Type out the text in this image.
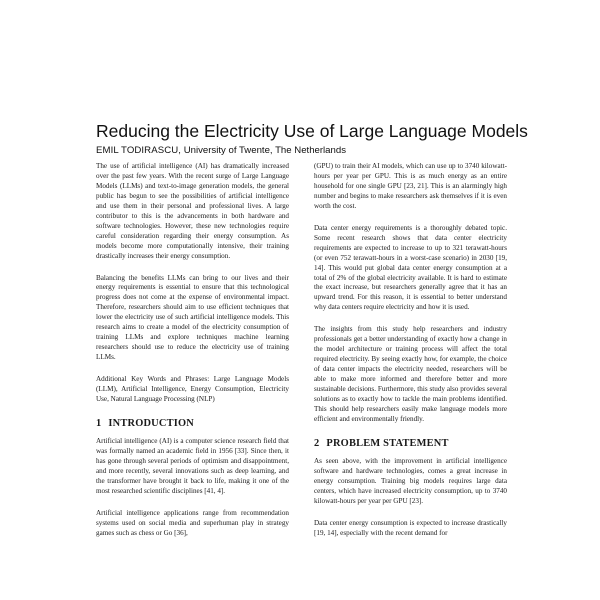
Reducing the Electricity Use of Large Language Models
EMIL TODIRASCU, University of Twente, The Netherlands

The use of artificial intelligence (AI) has dramatically increased over the past few years. With the recent surge of Large Language Models (LLMs) and text-to-image generation models, the general public has begun to see the possibilities of artificial intelligence and use them in their personal and professional lives. A large contributor to this is the advancements in both hardware and software technologies. However, these new technologies require careful consideration regarding their energy consumption. As models become more computationally intensive, their training drastically increases their energy consumption.

Balancing the benefits LLMs can bring to our lives and their energy requirements is essential to ensure that this technological progress does not come at the expense of environmental impact. Therefore, researchers should aim to use efficient techniques that lower the electricity use of such artificial intelligence models. This research aims to create a model of the electricity consumption of training LLMs and explore techniques machine learning researchers should use to reduce the electricity use of training LLMs.

Additional Key Words and Phrases: Large Language Models (LLM), Artificial Intelligence, Energy Consumption, Electricity Use, Natural Language Processing (NLP)

1 INTRODUCTION

Artificial intelligence (AI) is a computer science research field that was formally named an academic field in 1956 [33]. Since then, it has gone through several periods of optimism and disappointment, and more recently, several innovations such as deep learning, and the transformer have brought it back to life, making it one of the most researched scientific disciplines [41, 4].

Artificial intelligence applications range from recommendation systems used on social media and superhuman play in strategy games such as chess or Go [36],

(GPU) to train their AI models, which can use up to 3740 kilowatt-hours per year per GPU. This is as much energy as an entire household for one single GPU [23, 21]. This is an alarmingly high number and begins to make researchers ask themselves if it is even worth the cost.

Data center energy requirements is a thoroughly debated topic. Some recent research shows that data center electricity requirements are expected to increase to up to 321 terawatt-hours (or even 752 terawatt-hours in a worst-case scenario) in 2030 [19, 14]. This would put global data center energy consumption at a total of 2% of the global electricity available. It is hard to estimate the exact increase, but researchers generally agree that it has an upward trend. For this reason, it is essential to better understand why data centers require electricity and how it is used.

The insights from this study help researchers and industry professionals get a better understanding of exactly how a change in the model architecture or training process will affect the total required electricity. By seeing exactly how, for example, the choice of data center impacts the electricity needed, researchers will be able to make more informed and therefore better and more sustainable decisions. Furthermore, this study also provides several solutions as to exactly how to tackle the main problems identified. This should help researchers easily make language models more efficient and environmentally friendly.

2 PROBLEM STATEMENT

As seen above, with the improvement in artificial intelligence software and hardware technologies, comes a great increase in energy consumption. Training big models requires large data centers, which have increased electricity consumption, up to 3740 kilowatt-hours per year per GPU [23].

Data center energy consumption is expected to increase drastically [19, 14], especially with the recent demand for
